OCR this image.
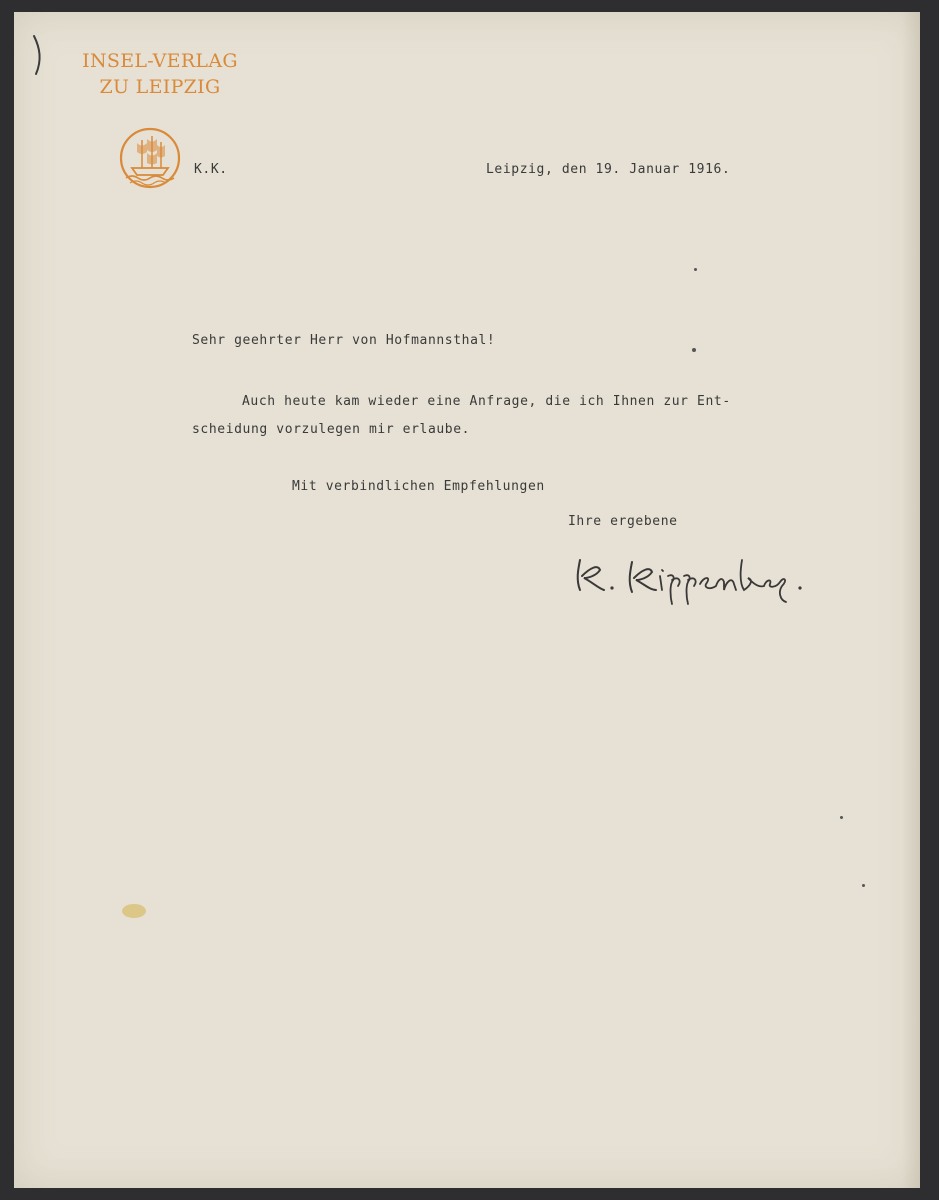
INSEL-VERLAG
ZU LEIPZIG
K.K.	Leipzig, den 19. Januar 1916.
Sehr geehrter Herr von Hofmannsthal!
Auch heute kam wieder eine Anfrage, die ich Ihnen zur Ent-
scheidung vorzulegen mir erlaube.
Mit verbindlichen Empfehlungen
Ihre ergebene
